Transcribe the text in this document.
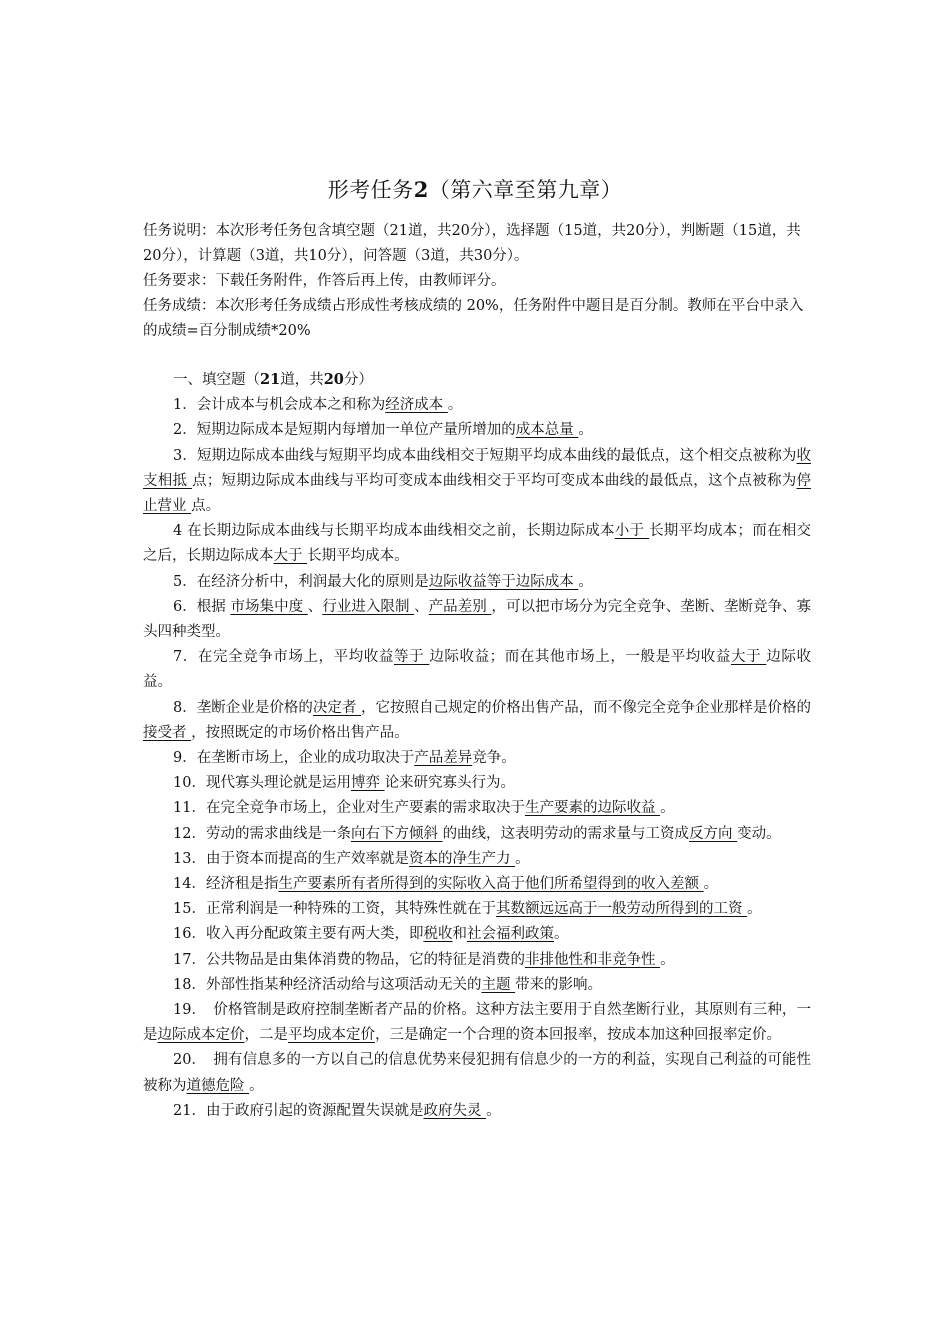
形考任务2（第六章至第九章）

任务说明：本次形考任务包含填空题（21道，共20分），选择题（15道，共20分），判断题（15道，共20分），计算题（3道，共10分），问答题（3道，共30分）。

任务要求：下载任务附件，作答后再上传，由教师评分。

任务成绩：本次形考任务成绩占形成性考核成绩的 20%，任务附件中题目是百分制。教师在平台中录入的成绩=百分制成绩*20%

一、填空题（21道，共20分）

1．会计成本与机会成本之和称为经济成本 。

2．短期边际成本是短期内每增加一单位产量所增加的成本总量 。

3．短期边际成本曲线与短期平均成本曲线相交于短期平均成本曲线的最低点，这个相交点被称为收支相抵 点；短期边际成本曲线与平均可变成本曲线相交于平均可变成本曲线的最低点，这个点被称为停止营业 点。

4 在长期边际成本曲线与长期平均成本曲线相交之前，长期边际成本小于 长期平均成本；而在相交之后，长期边际成本大于 长期平均成本。

5．在经济分析中，利润最大化的原则是边际收益等于边际成本 。

6．根据 市场集中度 、行业进入限制 、产品差别 ，可以把市场分为完全竞争、垄断、垄断竞争、寡头四种类型。

7．在完全竞争市场上，平均收益等于 边际收益；而在其他市场上，一般是平均收益大于 边际收益。

8．垄断企业是价格的决定者 ，它按照自己规定的价格出售产品，而不像完全竞争企业那样是价格的接受者 ，按照既定的市场价格出售产品。

9．在垄断市场上，企业的成功取决于产品差异竞争。

10．现代寡头理论就是运用博弈 论来研究寡头行为。

11．在完全竞争市场上，企业对生产要素的需求取决于生产要素的边际收益 。

12．劳动的需求曲线是一条向右下方倾斜 的曲线，这表明劳动的需求量与工资成反方向 变动。

13．由于资本而提高的生产效率就是资本的净生产力 。

14．经济租是指生产要素所有者所得到的实际收入高于他们所希望得到的收入差额 。

15．正常利润是一种特殊的工资，其特殊性就在于其数额远远高于一般劳动所得到的工资 。

16．收入再分配政策主要有两大类，即税收和社会福利政策。

17．公共物品是由集体消费的物品，它的特征是消费的非排他性和非竞争性 。

18．外部性指某种经济活动给与这项活动无关的主题 带来的影响。

19．　价格管制是政府控制垄断者产品的价格。这种方法主要用于自然垄断行业，其原则有三种，一是边际成本定价，二是平均成本定价，三是确定一个合理的资本回报率，按成本加这种回报率定价。

20．　拥有信息多的一方以自己的信息优势来侵犯拥有信息少的一方的利益，实现自己利益的可能性被称为道德危险 。

21．由于政府引起的资源配置失误就是政府失灵 。
